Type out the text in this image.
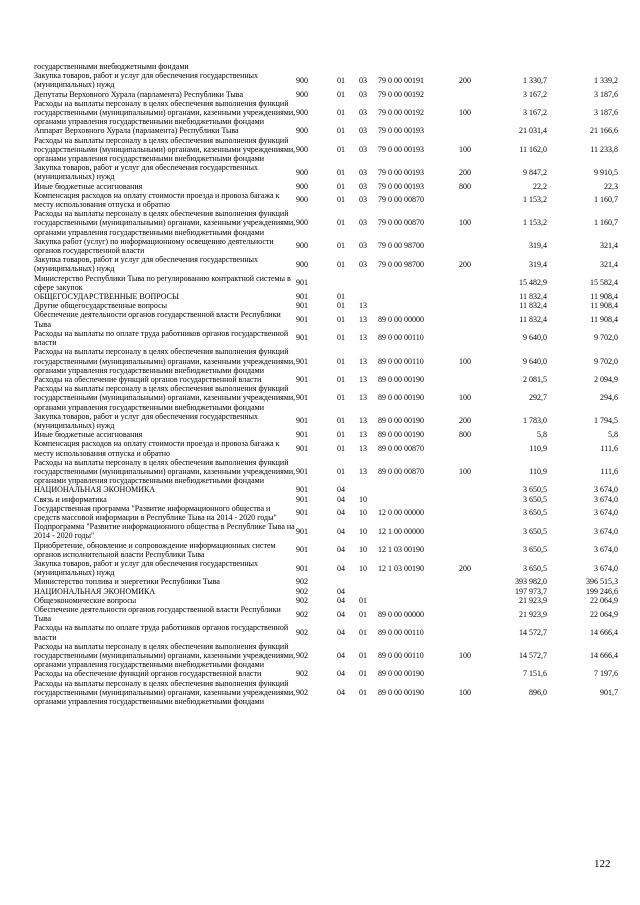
государственными внебюджетными фондами							
Закупка товаров, работ и услуг для обеспечения государственных (муниципальных) нужд	900	01	03	79 0 00 00191	200	1 330,7	1 339,2
Депутаты Верховного Хурала (парламента) Республики Тыва	900	01	03	79 0 00 00192		3 167,2	3 187,6
Расходы на выплаты персоналу в целях обеспечения выполнения функций государственными (муниципальными) органами, казенными учреждениями, органами управления государственными внебюджетными фондами	900	01	03	79 0 00 00192	100	3 167,2	3 187,6
Аппарат Верховного Хурала (парламента) Республики Тыва	900	01	03	79 0 00 00193		21 031,4	21 166,6
Расходы на выплаты персоналу в целях обеспечения выполнения функций государственными (муниципальными) органами, казенными учреждениями, органами управления государственными внебюджетными фондами	900	01	03	79 0 00 00193	100	11 162,0	11 233,8
Закупка товаров, работ и услуг для обеспечения государственных (муниципальных) нужд	900	01	03	79 0 00 00193	200	9 847,2	9 910,5
Иные бюджетные ассигнования	900	01	03	79 0 00 00193	800	22,2	22,3
Компенсация расходов на оплату стоимости проезда и провоза багажа к месту использования отпуска и обратно	900	01	03	79 0 00 00870		1 153,2	1 160,7
Расходы на выплаты персоналу в целях обеспечения выполнения функций государственными (муниципальными) органами, казенными учреждениями, органами управления государственными внебюджетными фондами	900	01	03	79 0 00 00870	100	1 153,2	1 160,7
Закупка работ (услуг) по информационному освещению деятельности органов государственной власти	900	01	03	79 0 00 98700		319,4	321,4
Закупка товаров, работ и услуг для обеспечения государственных (муниципальных) нужд	900	01	03	79 0 00 98700	200	319,4	321,4
Министерство Республики Тыва по регулированию контрактной системы в сфере закупок	901					15 482,9	15 582,4
ОБЩЕГОСУДАРСТВЕННЫЕ ВОПРОСЫ	901	01				11 832,4	11 908,4
Другие общегосударственные вопросы	901	01	13			11 832,4	11 908,4
Обеспечение деятельности органов государственной власти Республики Тыва	901	01	13	89 0 00 00000		11 832,4	11 908,4
Расходы на выплаты по оплате труда работников органов государственной власти	901	01	13	89 0 00 00110		9 640,0	9 702,0
Расходы на выплаты персоналу в целях обеспечения выполнения функций государственными (муниципальными) органами, казенными учреждениями, органами управления государственными внебюджетными фондами	901	01	13	89 0 00 00110	100	9 640,0	9 702,0
Расходы на обеспечение функций органов государственной власти	901	01	13	89 0 00 00190		2 081,5	2 094,9
Расходы на выплаты персоналу в целях обеспечения выполнения функций государственными (муниципальными) органами, казенными учреждениями, органами управления государственными внебюджетными фондами	901	01	13	89 0 00 00190	100	292,7	294,6
Закупка товаров, работ и услуг для обеспечения государственных (муниципальных) нужд	901	01	13	89 0 00 00190	200	1 783,0	1 794,5
Иные бюджетные ассигнования	901	01	13	89 0 00 00190	800	5,8	5,8
Компенсация расходов на оплату стоимости проезда и провоза багажа к месту использования отпуска и обратно	901	01	13	89 0 00 00870		110,9	111,6
Расходы на выплаты персоналу в целях обеспечения выполнения функций государственными (муниципальными) органами, казенными учреждениями, органами управления государственными внебюджетными фондами	901	01	13	89 0 00 00870	100	110,9	111,6
НАЦИОНАЛЬНАЯ ЭКОНОМИКА	901	04				3 650,5	3 674,0
Связь и информатика	901	04	10			3 650,5	3 674,0
Государственная программа "Развитие информационного общества и средств массовой информации в Республике Тыва на 2014 - 2020 годы"	901	04	10	12 0 00 00000		3 650,5	3 674,0
Подпрограмма "Развитие информационного общества в Республике Тыва на 2014 - 2020 годы"	901	04	10	12 1 00 00000		3 650,5	3 674,0
Приобретение, обновление и сопровождение информационных систем органов исполнительной власти Республики Тыва	901	04	10	12 1 03 00190		3 650,5	3 674,0
Закупка товаров, работ и услуг для обеспечения государственных (муниципальных) нужд	901	04	10	12 1 03 00190	200	3 650,5	3 674,0
Министерство топлива и энергетики Республики Тыва	902					393 982,0	396 515,3
НАЦИОНАЛЬНАЯ ЭКОНОМИКА	902	04				197 973,7	199 246,6
Общеэкономические вопросы	902	04	01			21 923,9	22 064,9
Обеспечение деятельности органов государственной власти Республики Тыва	902	04	01	89 0 00 00000		21 923,9	22 064,9
Расходы на выплаты по оплате труда работников органов государственной власти	902	04	01	89 0 00 00110		14 572,7	14 666,4
Расходы на выплаты персоналу в целях обеспечения выполнения функций государственными (муниципальными) органами, казенными учреждениями, органами управления государственными внебюджетными фондами	902	04	01	89 0 00 00110	100	14 572,7	14 666,4
Расходы на обеспечение функций органов государственной власти	902	04	01	89 0 00 00190		7 151,6	7 197,6
Расходы на выплаты персоналу в целях обеспечения выполнения функций государственными (муниципальными) органами, казенными учреждениями, органами управления государственными внебюджетными фондами	902	04	01	89 0 00 00190	100	896,0	901,7
122
